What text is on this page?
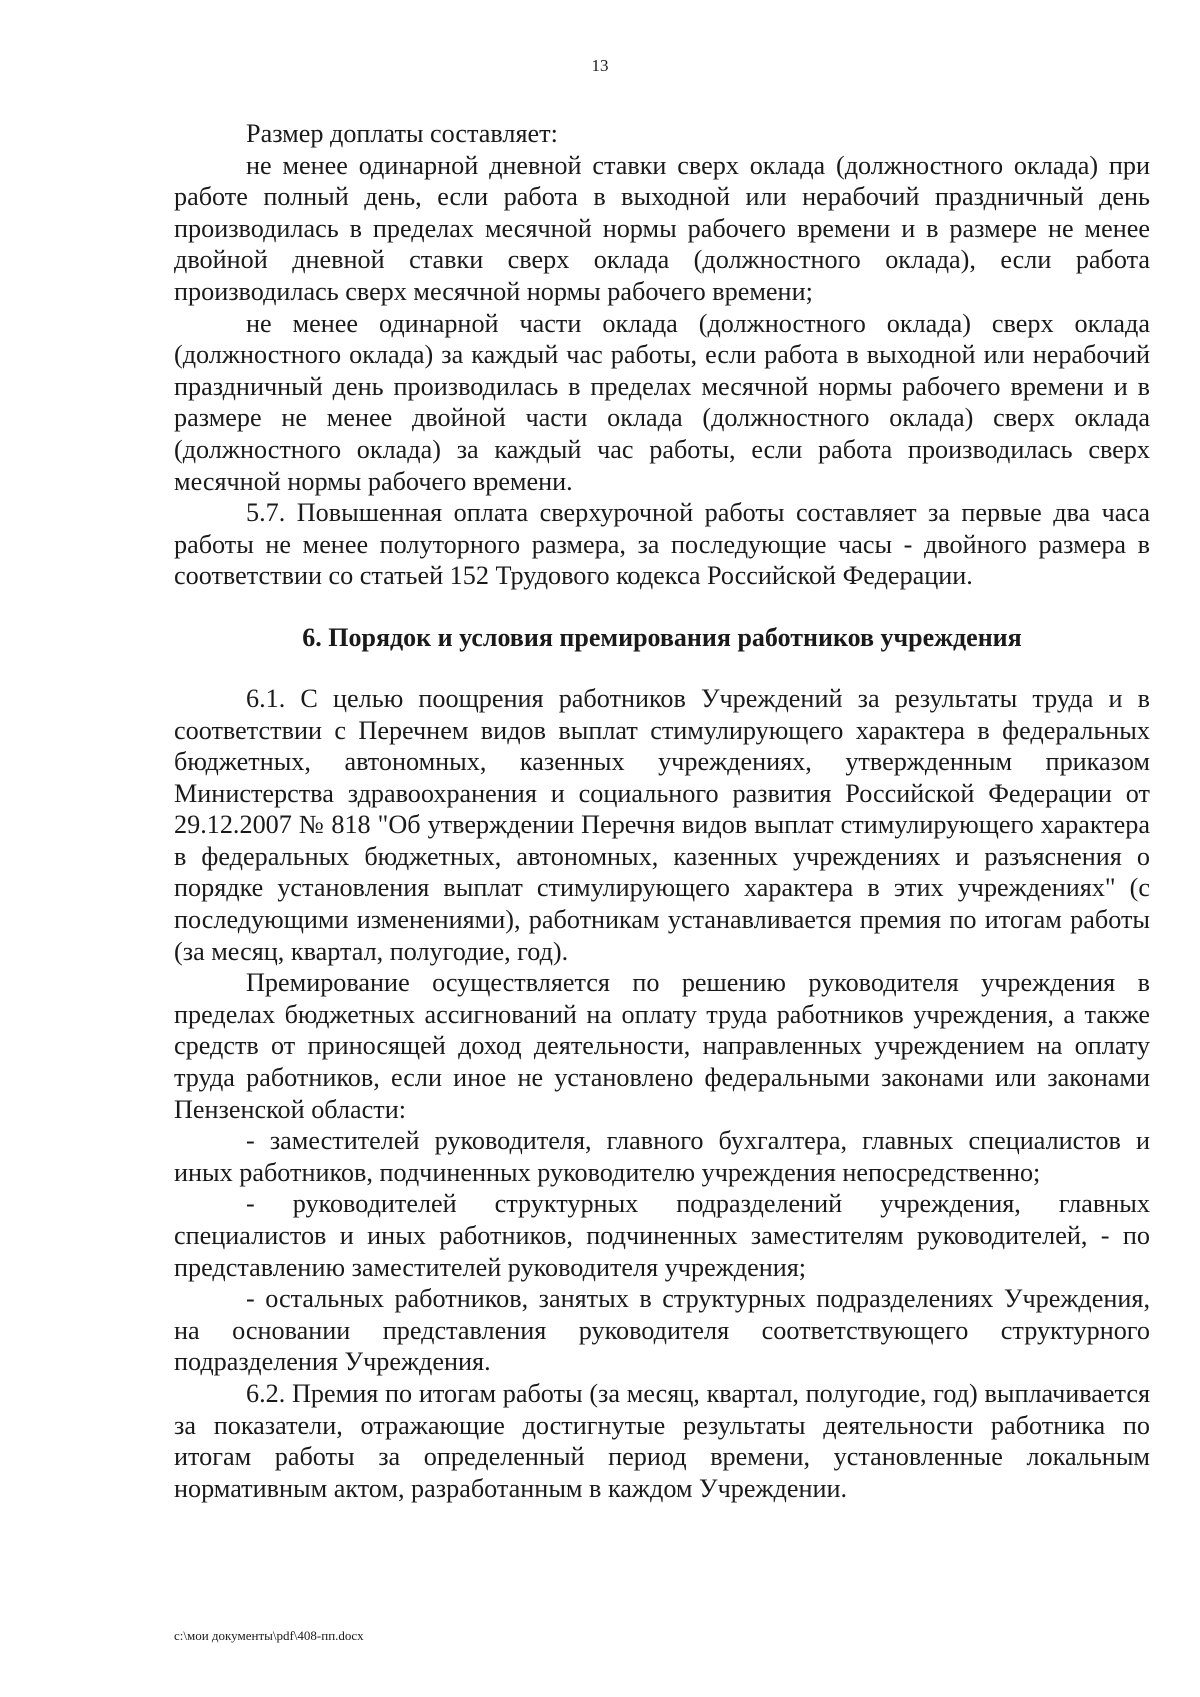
13

Размер доплаты составляет:

не менее одинарной дневной ставки сверх оклада (должностного оклада) при работе полный день, если работа в выходной или нерабочий праздничный день производилась в пределах месячной нормы рабочего времени и в размере не менее двойной дневной ставки сверх оклада (должностного оклада), если работа производилась сверх месячной нормы рабочего времени;

не менее одинарной части оклада (должностного оклада) сверх оклада (должностного оклада) за каждый час работы, если работа в выходной или нерабочий праздничный день производилась в пределах месячной нормы рабочего времени и в размере не менее двойной части оклада (должностного оклада) сверх оклада (должностного оклада) за каждый час работы, если работа производилась сверх месячной нормы рабочего времени.

5.7. Повышенная оплата сверхурочной работы составляет за первые два часа работы не менее полуторного размера, за последующие часы - двойного размера в соответствии со статьей 152 Трудового кодекса Российской Федерации.

6. Порядок и условия премирования работников учреждения

6.1. С целью поощрения работников Учреждений за результаты труда и в соответствии с Перечнем видов выплат стимулирующего характера в федеральных бюджетных, автономных, казенных учреждениях, утвержденным приказом Министерства здравоохранения и социального развития Российской Федерации от 29.12.2007 № 818 "Об утверждении Перечня видов выплат стимулирующего характера в федеральных бюджетных, автономных, казенных учреждениях и разъяснения о порядке установления выплат стимулирующего характера в этих учреждениях" (с последующими изменениями), работникам устанавливается премия по итогам работы (за месяц, квартал, полугодие, год).

Премирование осуществляется по решению руководителя учреждения в пределах бюджетных ассигнований на оплату труда работников учреждения, а также средств от приносящей доход деятельности, направленных учреждением на оплату труда работников, если иное не установлено федеральными законами или законами Пензенской области:

- заместителей руководителя, главного бухгалтера, главных специалистов и иных работников, подчиненных руководителю учреждения непосредственно;

- руководителей структурных подразделений учреждения, главных специалистов и иных работников, подчиненных заместителям руководителей, - по представлению заместителей руководителя учреждения;

- остальных работников, занятых в структурных подразделениях Учреждения, на основании представления руководителя соответствующего структурного подразделения Учреждения.

6.2. Премия по итогам работы (за месяц, квартал, полугодие, год) выплачивается за показатели, отражающие достигнутые результаты деятельности работника по итогам работы за определенный период времени, установленные локальным нормативным актом, разработанным в каждом Учреждении.

c:\мои документы\pdf\408-пп.docx
